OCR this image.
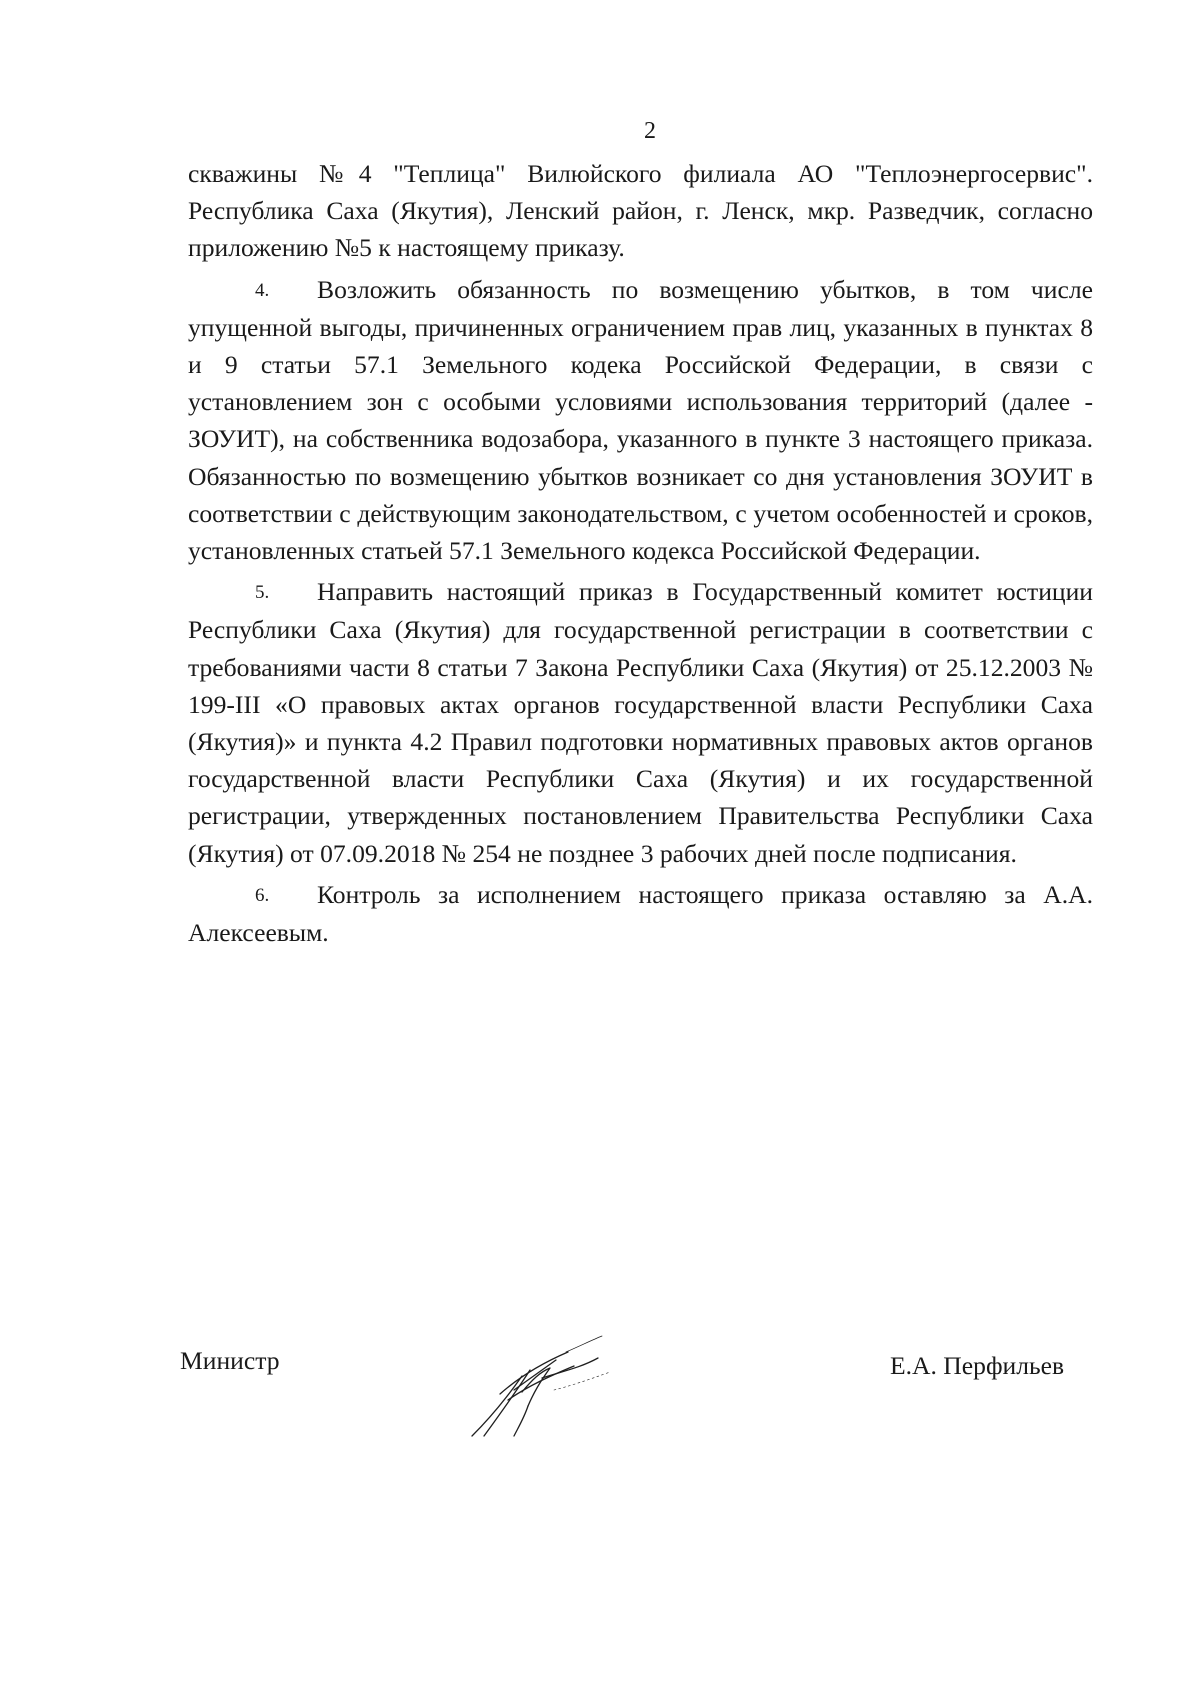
2

скважины №4 "Теплица" Вилюйского филиала АО "Теплоэнергосервис". Республика Саха (Якутия), Ленский район, г. Ленск, мкр. Разведчик, согласно приложению №5 к настоящему приказу.

4. Возложить обязанность по возмещению убытков, в том числе упущенной выгоды, причиненных ограничением прав лиц, указанных в пунктах 8 и 9 статьи 57.1 Земельного кодека Российской Федерации, в связи с установлением зон с особыми условиями использования территорий (далее - ЗОУИТ), на собственника водозабора, указанного в пункте 3 настоящего приказа. Обязанностью по возмещению убытков возникает со дня установления ЗОУИТ в соответствии с действующим законодательством, с учетом особенностей и сроков, установленных статьей 57.1 Земельного кодекса Российской Федерации.

5. Направить настоящий приказ в Государственный комитет юстиции Республики Саха (Якутия) для государственной регистрации в соответствии с требованиями части 8 статьи 7 Закона Республики Саха (Якутия) от 25.12.2003 № 199-III «О правовых актах органов государственной власти Республики Саха (Якутия)» и пункта 4.2 Правил подготовки нормативных правовых актов органов государственной власти Республики Саха (Якутия) и их государственной регистрации, утвержденных постановлением Правительства Республики Саха (Якутия) от 07.09.2018 № 254 не позднее 3 рабочих дней после подписания.

6. Контроль за исполнением настоящего приказа оставляю за А.А. Алексеевым.

Министр	Е.А. Перфильев
